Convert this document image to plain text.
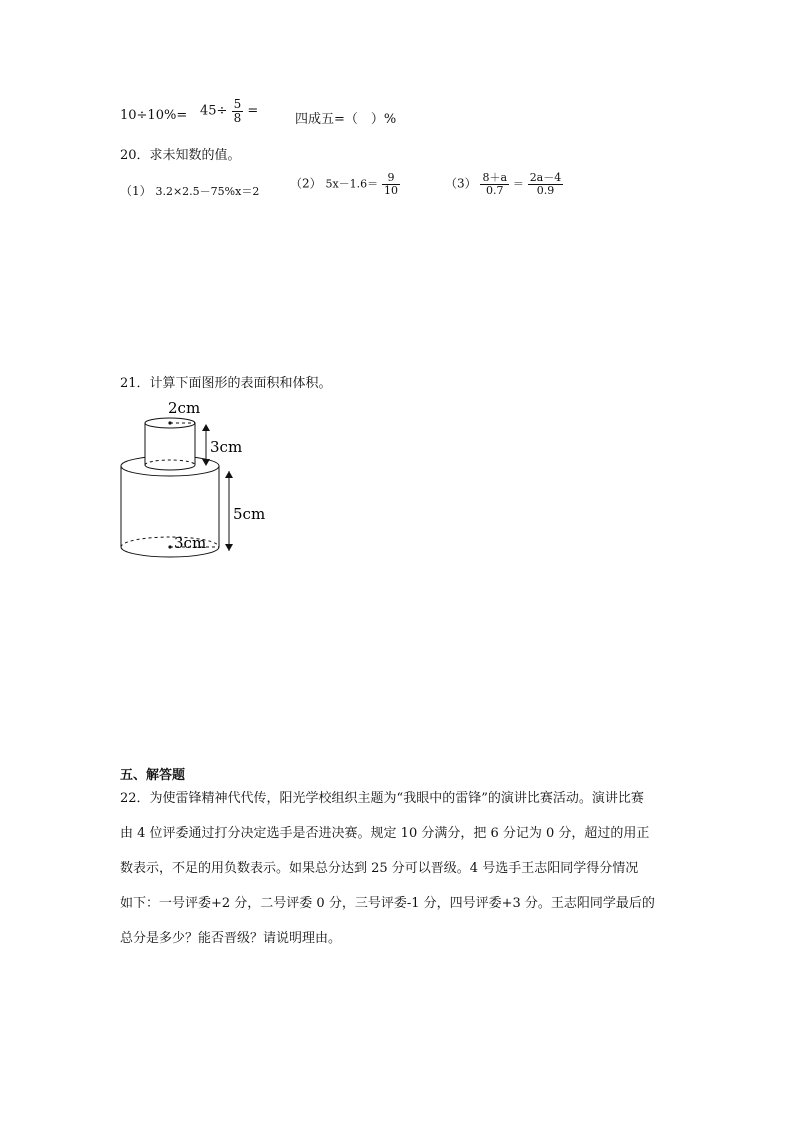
$10\div 10\%= 45\div \frac{5}{8}$ =
四成五=（　）%
20．求未知数的值。
（1） 3.2×2.5－75%x＝2
（2） $5x-1.6= \frac{9}{10}$	$(3) \frac{8+a}{0.7} = \frac{2a-4}{0.9}$
21．计算下面图形的表面积和体积。
2cm
3cm
5cm
3cm
五、解答题
22．为使雷锋精神代代传，阳光学校组织主题为“我眼中的雷锋”的演讲比赛活动。演讲比赛
由 4 位评委通过打分决定选手是否进决赛。规定 10 分满分，把 6 分记为 0 分，超过的用正
数表示，不足的用负数表示。如果总分达到 25 分可以晋级。4 号选手王志阳同学得分情况
如下：一号评委+2 分，二号评委 0 分，三号评委-1 分，四号评委+3 分。王志阳同学最后的
总分是多少？能否晋级？请说明理由。
